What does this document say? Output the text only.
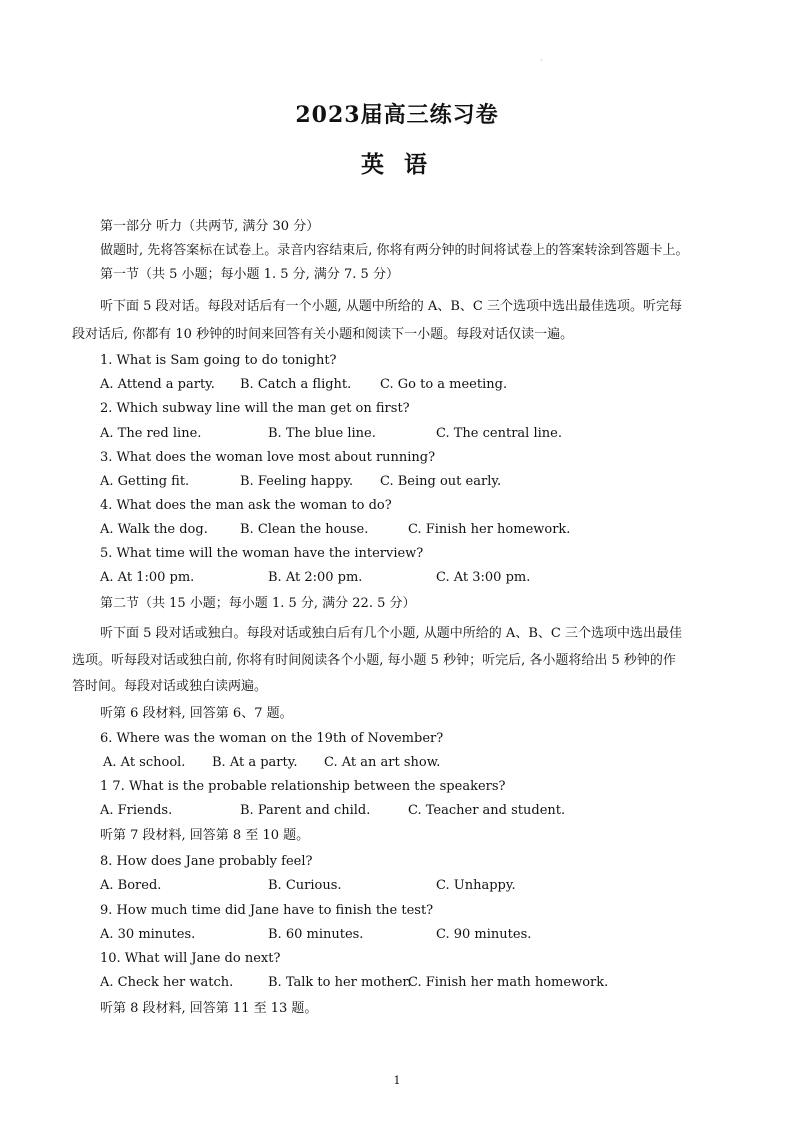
·
2023届高三练习卷
英 语
第一部分 听力（共两节, 满分 30 分）
做题时, 先将答案标在试卷上。录音内容结束后, 你将有两分钟的时间将试卷上的答案转涂到答题卡上。
第一节（共 5 小题；每小题 1. 5 分, 满分 7. 5 分）
听下面 5 段对话。每段对话后有一个小题, 从题中所给的 A、B、C 三个选项中选出最佳选项。听完每
段对话后, 你都有 10 秒钟的时间来回答有关小题和阅读下一小题。每段对话仅读一遍。
1. What is Sam going to do tonight?
A. Attend a party. B. Catch a flight. C. Go to a meeting.
2. Which subway line will the man get on first?
A. The red line.	B. The blue line.	C. The central line.
3. What does the woman love most about running?
A. Getting fit.	B. Feeling happy. C. Being out early.
4. What does the man ask the woman to do?
A. Walk the dog. B. Clean the house.	C. Finish her homework.
5. What time will the woman have the interview?
A. At 1:00 pm.	B. At 2:00 pm.	C. At 3:00 pm.
第二节（共 15 小题；每小题 1. 5 分, 满分 22. 5 分）
听下面 5 段对话或独白。每段对话或独白后有几个小题, 从题中所给的 A、B、C 三个选项中选出最佳
选项。听每段对话或独白前, 你将有时间阅读各个小题, 每小题 5 秒钟；听完后, 各小题将给出 5 秒钟的作
答时间。每段对话或独白读两遍。
听第 6 段材料, 回答第 6、7 题。
6. Where was the woman on the 19th of November?
A. At school. B. At a party. C. At an art show.
1 7. What is the probable relationship between the speakers?
A. Friends.	B. Parent and child.	C. Teacher and student.
听第 7 段材料, 回答第 8 至 10 题。
8. How does Jane probably feel?
A. Bored.	B. Curious.	C. Unhappy.
9. How much time did Jane have to finish the test?
A. 30 minutes.	B. 60 minutes.	C. 90 minutes.
10. What will Jane do next?
A. Check her watch.	B. Talk to her mother.
C. Finish her math homework.
听第 8 段材料, 回答第 11 至 13 题。
1
